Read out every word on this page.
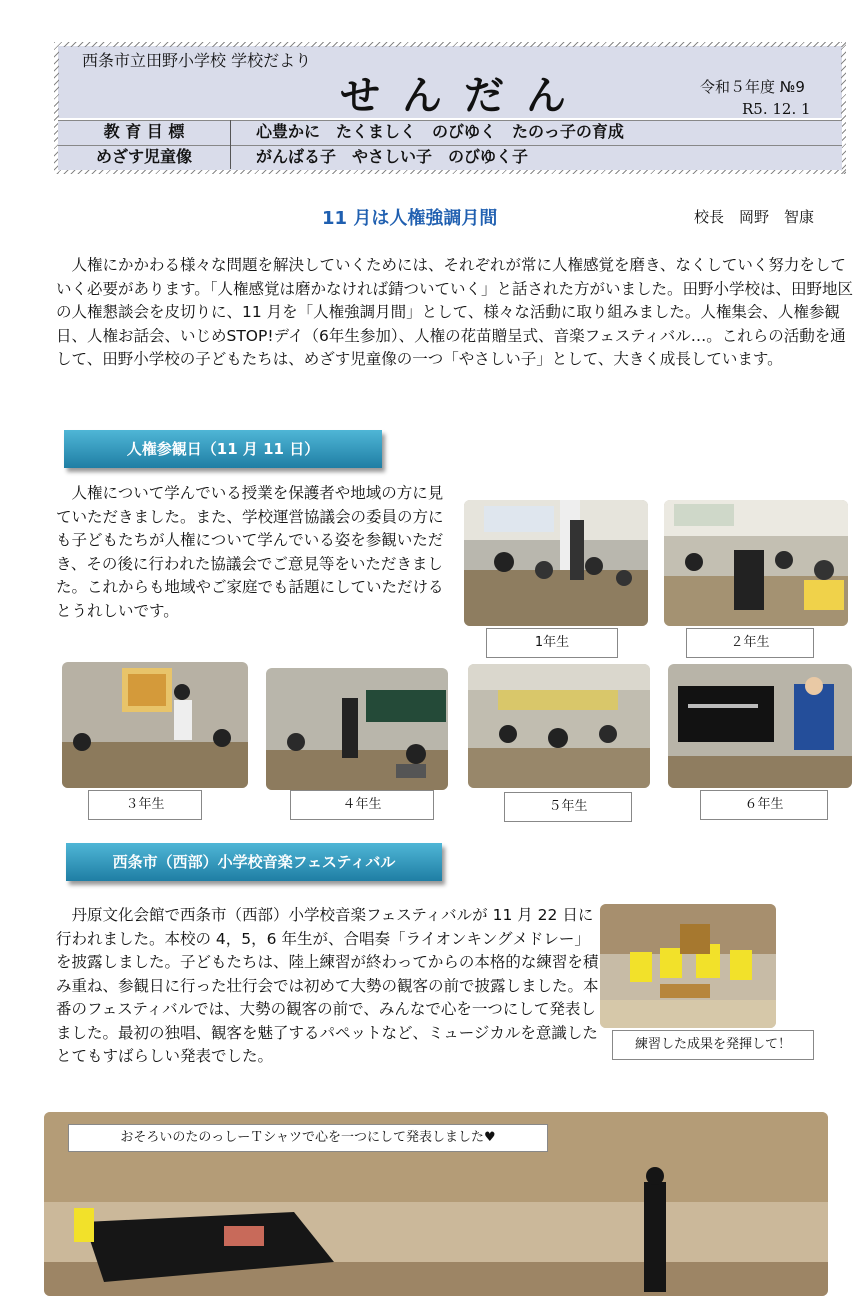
西条市立田野小学校 学校だより
せんだん	令和５年度 №9
R5. 12. 1
教 育 目 標	心豊かに　たくましく　のびゆく　たのっ子の育成
めざす児童像	がんばる子　やさしい子　のびゆく子
11 月は人権強調月間	校長　岡野　智康
　人権にかかわる様々な問題を解決していくためには、それぞれが常に人権感覚を磨き、なくしていく努力をしていく必要があります。「人権感覚は磨かなければ錆ついていく」と話された方がいました。田野小学校は、田野地区の人権懇談会を皮切りに、11 月を「人権強調月間」として、様々な活動に取り組みました。人権集会、人権参観日、人権お話会、いじめSTOP!デイ（6年生参加）、人権の花苗贈呈式、音楽フェスティバル…。これらの活動を通して、田野小学校の子どもたちは、めざす児童像の一つ「やさしい子」として、大きく成長しています。
人権参観日（11 月 11 日）
　人権について学んでいる授業を保護者や地域の方に見ていただきました。また、学校運営協議会の委員の方にも子どもたちが人権について学んでいる姿を参観いただき、その後に行われた協議会でご意見等をいただきました。これからも地域やご家庭でも話題にしていただけるとうれしいです。
1年生	２年生
３年生	４年生	５年生	６年生
西条市（西部）小学校音楽フェスティバル
　丹原文化会館で西条市（西部）小学校音楽フェスティバルが 11 月 22 日に行われました。本校の 4，5，6 年生が、合唱奏「ライオンキングメドレー」を披露しました。子どもたちは、陸上練習が終わってからの本格的な練習を積み重ね、参観日に行った壮行会では初めて大勢の観客の前で披露しました。本番のフェスティバルでは、大勢の観客の前で、みんなで心を一つにして発表しました。最初の独唱、観客を魅了するパペットなど、ミュージカルを意識したとてもすばらしい発表でした。
練習した成果を発揮して！
おそろいのたのっしーＴシャツで心を一つにして発表しました♥
